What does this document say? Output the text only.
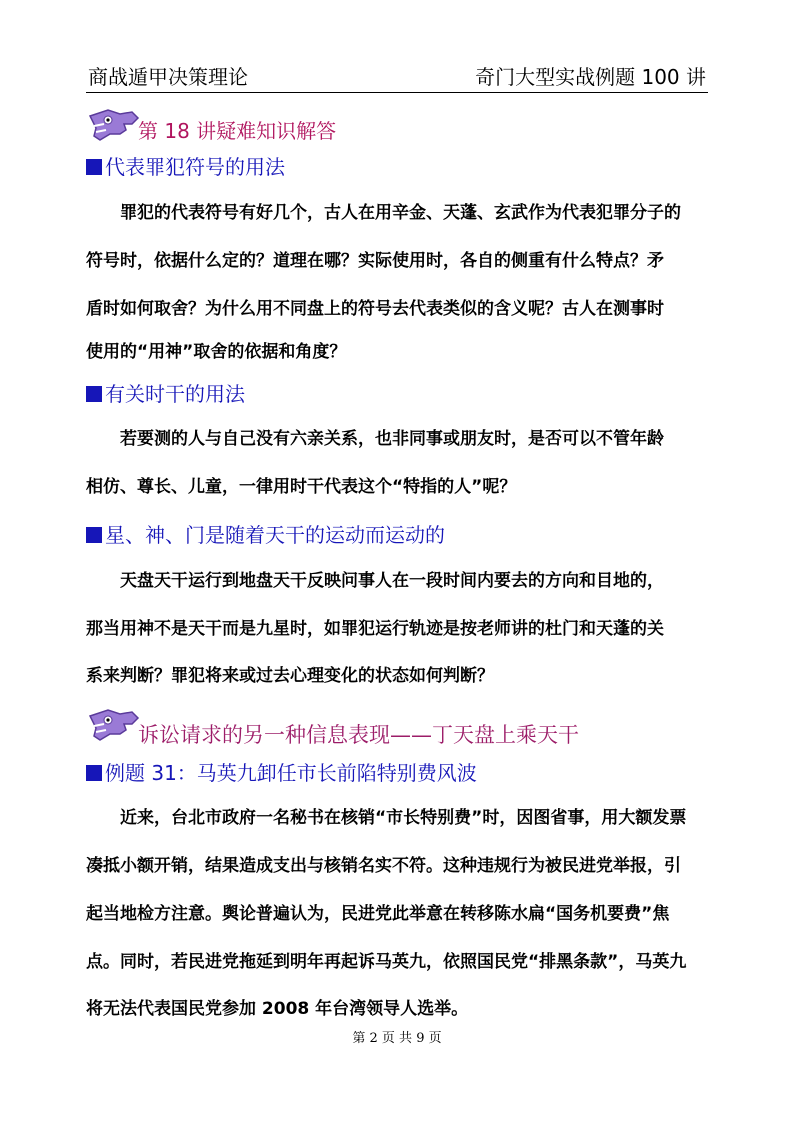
商战遁甲决策理论	奇门大型实战例题 100 讲
第 18 讲疑难知识解答
代表罪犯符号的用法
罪犯的代表符号有好几个，古人在用辛金、天蓬、玄武作为代表犯罪分子的
符号时，依据什么定的？道理在哪？实际使用时，各自的侧重有什么特点？矛
盾时如何取舍？为什么用不同盘上的符号去代表类似的含义呢？古人在测事时
使用的“用神”取舍的依据和角度？
有关时干的用法
若要测的人与自己没有六亲关系，也非同事或朋友时，是否可以不管年龄
相仿、尊长、儿童，一律用时干代表这个“特指的人”呢？
星、神、门是随着天干的运动而运动的
天盘天干运行到地盘天干反映问事人在一段时间内要去的方向和目地的，
那当用神不是天干而是九星时，如罪犯运行轨迹是按老师讲的杜门和天蓬的关
系来判断？罪犯将来或过去心理变化的状态如何判断？
诉讼请求的另一种信息表现——丁天盘上乘天干
例题 31：马英九卸任市长前陷特别费风波
近来，台北市政府一名秘书在核销“市长特别费”时，因图省事，用大额发票
凑抵小额开销，结果造成支出与核销名实不符。这种违规行为被民进党举报，引
起当地检方注意。舆论普遍认为，民进党此举意在转移陈水扁“国务机要费”焦
点。同时，若民进党拖延到明年再起诉马英九，依照国民党“排黑条款”，马英九
将无法代表国民党参加 2008 年台湾领导人选举。
第 2 页 共 9 页
